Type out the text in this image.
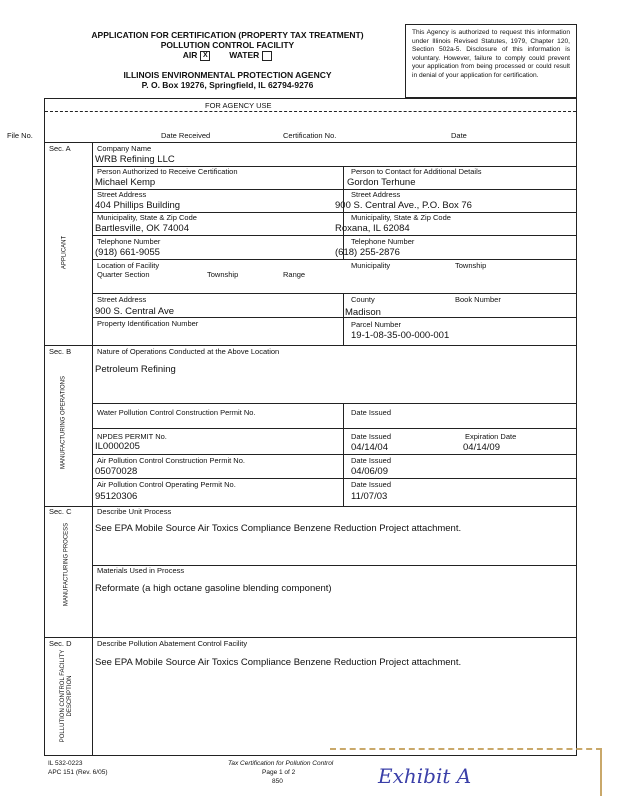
APPLICATION FOR CERTIFICATION (PROPERTY TAX TREATMENT)
POLLUTION CONTROL FACILITY
AIR X	WATER
ILLINOIS ENVIRONMENTAL PROTECTION AGENCY
P. O. Box 19276, Springfield, IL 62794-9276
This Agency is authorized to request this information under Illinois Revised Statutes, 1979, Chapter 120, Section 502a-5. Disclosure of this information is voluntary. However, failure to comply could prevent your application from being processed or could result in denial of your application for certification.
FOR AGENCY USE
File No.	Date Received	Certification No.	Date
Sec. A
APPLICANT
Company Name
WRB Refining LLC
Person Authorized to Receive Certification	Person to Contact for Additional Details
Michael Kemp	Gordon Terhune
Street Address	Street Address
404 Phillips Building	900 S. Central Ave., P.O. Box 76
Municipality, State & Zip Code	Municipality, State & Zip Code
Bartlesville, OK 74004	Roxana, IL 62084
Telephone Number	Telephone Number
(918) 661-9055	(618) 255-2876
Location of Facility
Quarter Section	Township	Range
Municipality	Township
Street Address	County	Book Number
900 S. Central Ave	Madison
Property Identification Number	Parcel Number
19-1-08-35-00-000-001
Sec. B
MANUFACTURING OPERATIONS
Nature of Operations Conducted at the Above Location
Petroleum Refining
Water Pollution Control Construction Permit No.	Date Issued
NPDES PERMIT No.	Date Issued	Expiration Date
IL0000205	04/14/04	04/14/09
Air Pollution Control Construction Permit No.	Date Issued
05070028	04/06/09
Air Pollution Control Operating Permit No.	Date Issued
95120306	11/07/03
Sec. C
MANUFACTURING PROCESS
Describe Unit Process
See EPA Mobile Source Air Toxics Compliance Benzene Reduction Project attachment.
Materials Used in Process
Reformate (a high octane gasoline blending component)
Sec. D
POLLUTION CONTROL FACILITY DESCRIPTION
Describe Pollution Abatement Control Facility
See EPA Mobile Source Air Toxics Compliance Benzene Reduction Project attachment.
IL 532-0223
APC 151 (Rev. 6/05)
Tax Certification for Pollution Control
Page 1 of 2
850	Exhibit A
